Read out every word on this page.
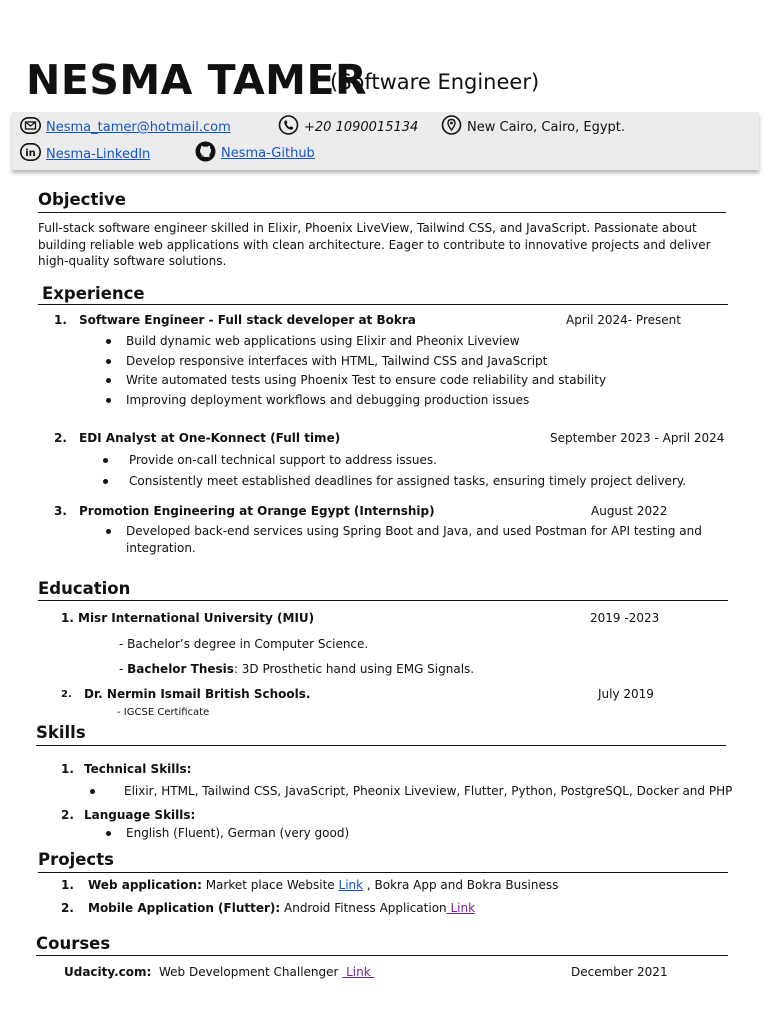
NESMA TAMER
(Software Engineer)
Nesma_tamer@hotmail.com	+20 1090015134	New Cairo, Cairo, Egypt.
in Nesma-LinkedIn	Nesma-Github
Objective
Full-stack software engineer skilled in Elixir, Phoenix LiveView, Tailwind CSS, and JavaScript. Passionate about building reliable web applications with clean architecture. Eager to contribute to innovative projects and deliver high-quality software solutions.
Experience
1. Software Engineer - Full stack developer at Bokra	April 2024- Present
Build dynamic web applications using Elixir and Pheonix Liveview
Develop responsive interfaces with HTML, Tailwind CSS and JavaScript
Write automated tests using Phoenix Test to ensure code reliability and stability
Improving deployment workflows and debugging production issues
2. EDI Analyst at One-Konnect (Full time)	September 2023 - April 2024
Provide on-call technical support to address issues.
Consistently meet established deadlines for assigned tasks, ensuring timely project delivery.
3. Promotion Engineering at Orange Egypt (Internship)	August 2022
Developed back-end services using Spring Boot and Java, and used Postman for API testing and
integration.
Education
1. Misr International University (MIU)	2019 -2023
- Bachelor’s degree in Computer Science.
- Bachelor Thesis: 3D Prosthetic hand using EMG Signals.
2. Dr. Nermin Ismail British Schools.	July 2019
- IGCSE Certificate
Skills
1. Technical Skills:
Elixir, HTML, Tailwind CSS, JavaScript, Pheonix Liveview, Flutter, Python, PostgreSQL, Docker and PHP
2. Language Skills:
English (Fluent), German (very good)
Projects
1. Web application: Market place Website Link , Bokra App and Bokra Business
2. Mobile Application (Flutter): Android Fitness Application Link
Courses
Udacity.com:  Web Development Challenger  Link	December 2021
